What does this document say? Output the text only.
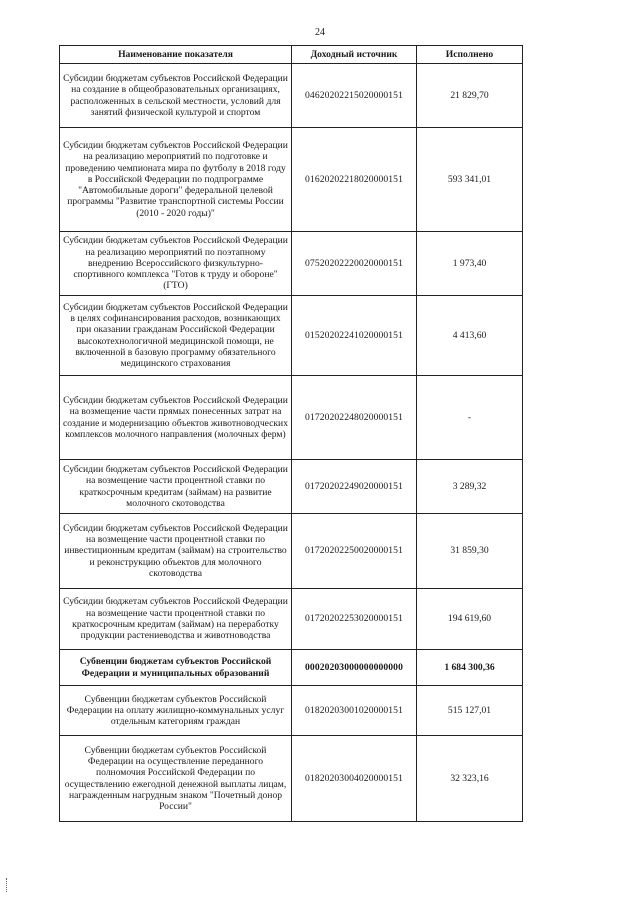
24
Наименование показателя	Доходный источник	Исполнено
Субсидии бюджетам субъектов Российской Федерации на создание в общеобразовательных организациях, расположенных в сельской местности, условий для занятий физической культурой и спортом	04620202215020000151	21 829,70
Субсидии бюджетам субъектов Российской Федерации на реализацию мероприятий по подготовке и проведению чемпионата мира по футболу в 2018 году в Российской Федерации по подпрограмме "Автомобильные дороги" федеральной целевой программы "Развитие транспортной системы России (2010 - 2020 годы)"	01620202218020000151	593 341,01
Субсидии бюджетам субъектов Российской Федерации на реализацию мероприятий по поэтапному внедрению Всероссийского физкультурно-спортивного комплекса "Готов к труду и обороне" (ГТО)	07520202220020000151	1 973,40
Субсидии бюджетам субъектов Российской Федерации в целях софинансирования расходов, возникающих при оказании гражданам Российской Федерации высокотехнологичной медицинской помощи, не включенной в базовую программу обязательного медицинского страхования	01520202241020000151	4 413,60
Субсидии бюджетам субъектов Российской Федерации на возмещение части прямых понесенных затрат на создание и модернизацию объектов животноводческих комплексов молочного направления (молочных ферм)	01720202248020000151	-
Субсидии бюджетам субъектов Российской Федерации на возмещение части процентной ставки по краткосрочным кредитам (займам) на развитие молочного скотоводства	01720202249020000151	3 289,32
Субсидии бюджетам субъектов Российской Федерации на возмещение части процентной ставки по инвестиционным кредитам (займам) на строительство и реконструкцию объектов для молочного скотоводства	01720202250020000151	31 859,30
Субсидии бюджетам субъектов Российской Федерации на возмещение части процентной ставки по краткосрочным кредитам (займам) на переработку продукции растениеводства и животноводства	01720202253020000151	194 619,60
Субвенции бюджетам субъектов Российской Федерации и муниципальных образований	00020203000000000000	1 684 300,36
Субвенции бюджетам субъектов Российской Федерации на оплату жилищно-коммунальных услуг отдельным категориям граждан	01820203001020000151	515 127,01
Субвенции бюджетам субъектов Российской Федерации на осуществление переданного полномочия Российской Федерации по осуществлению ежегодной денежной выплаты лицам, награжденным нагрудным знаком "Почетный донор России"	01820203004020000151	32 323,16
